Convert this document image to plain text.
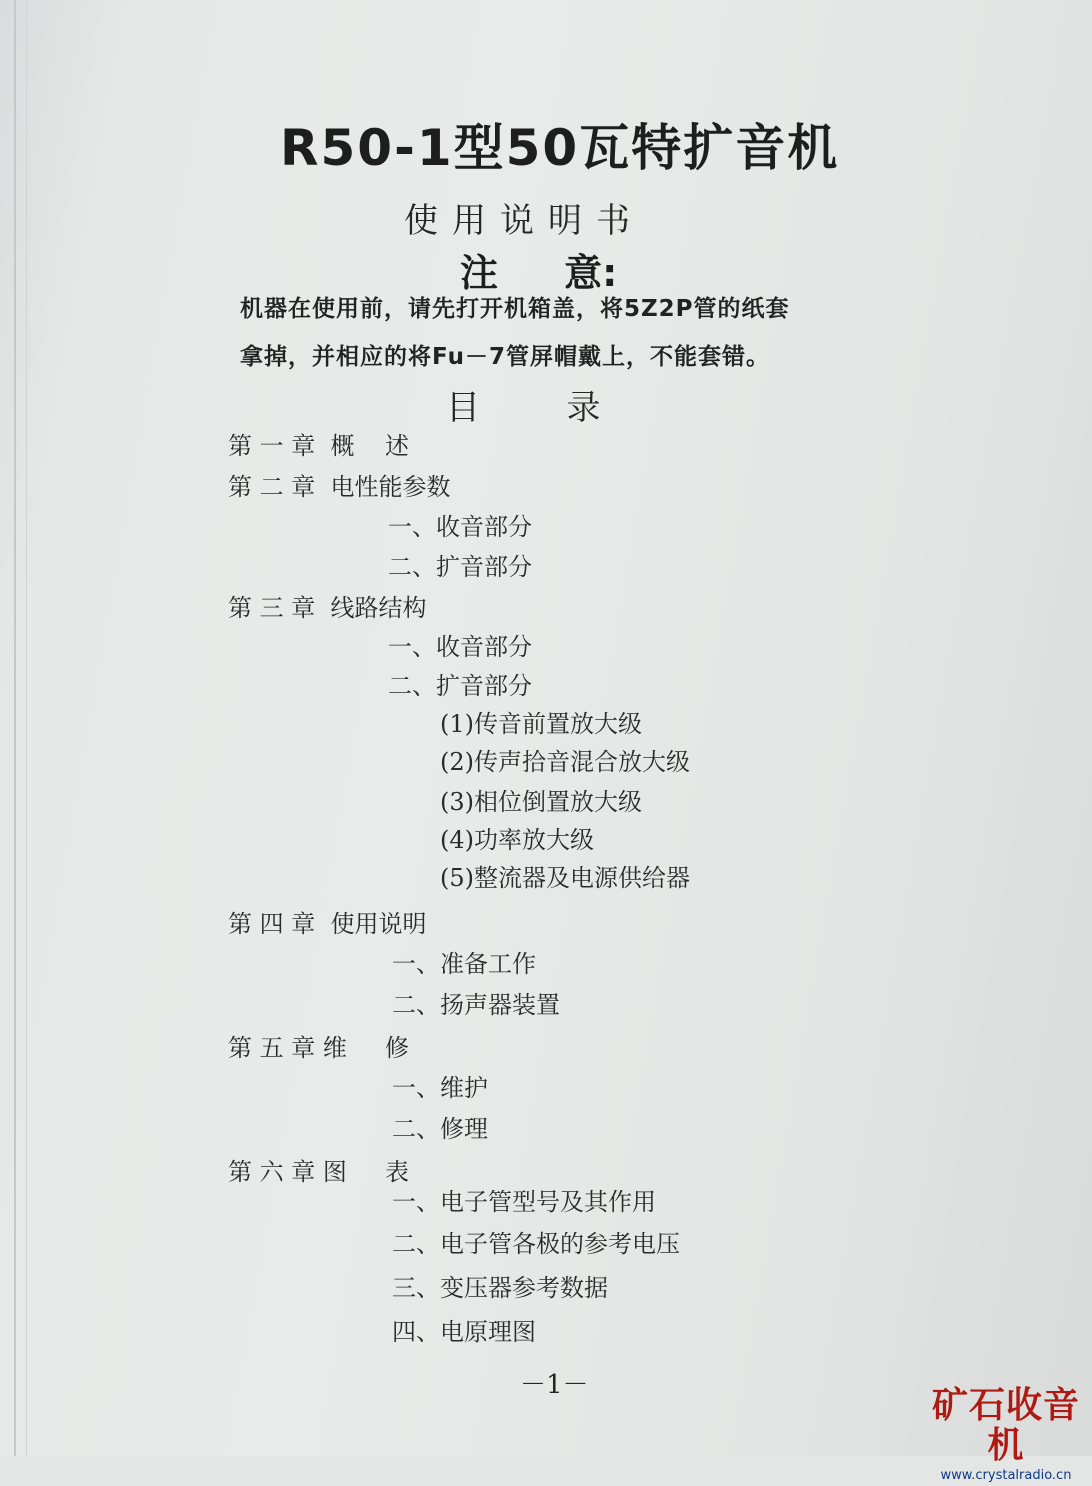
R50-1型50瓦特扩音机
使用说明书
注     意:
机器在使用前，请先打开机箱盖，将5Z2P管的纸套
拿掉，并相应的将Fu－7管屏帽戴上，不能套错。
目        录
第 一 章  概    述
第 二 章  电性能参数
一、收音部分
二、扩音部分
第 三 章  线路结构
一、收音部分
二、扩音部分
(1)传音前置放大级
(2)传声拾音混合放大级
(3)相位倒置放大级
(4)功率放大级
(5)整流器及电源供给器
第 四 章  使用说明
一、准备工作
二、扬声器装置
第 五 章 维     修
一、维护
二、修理
第 六 章 图     表
一、电子管型号及其作用
二、电子管各极的参考电压
三、变压器参考数据
四、电原理图
－1－	矿石收音机
www.crystalradio.cn
